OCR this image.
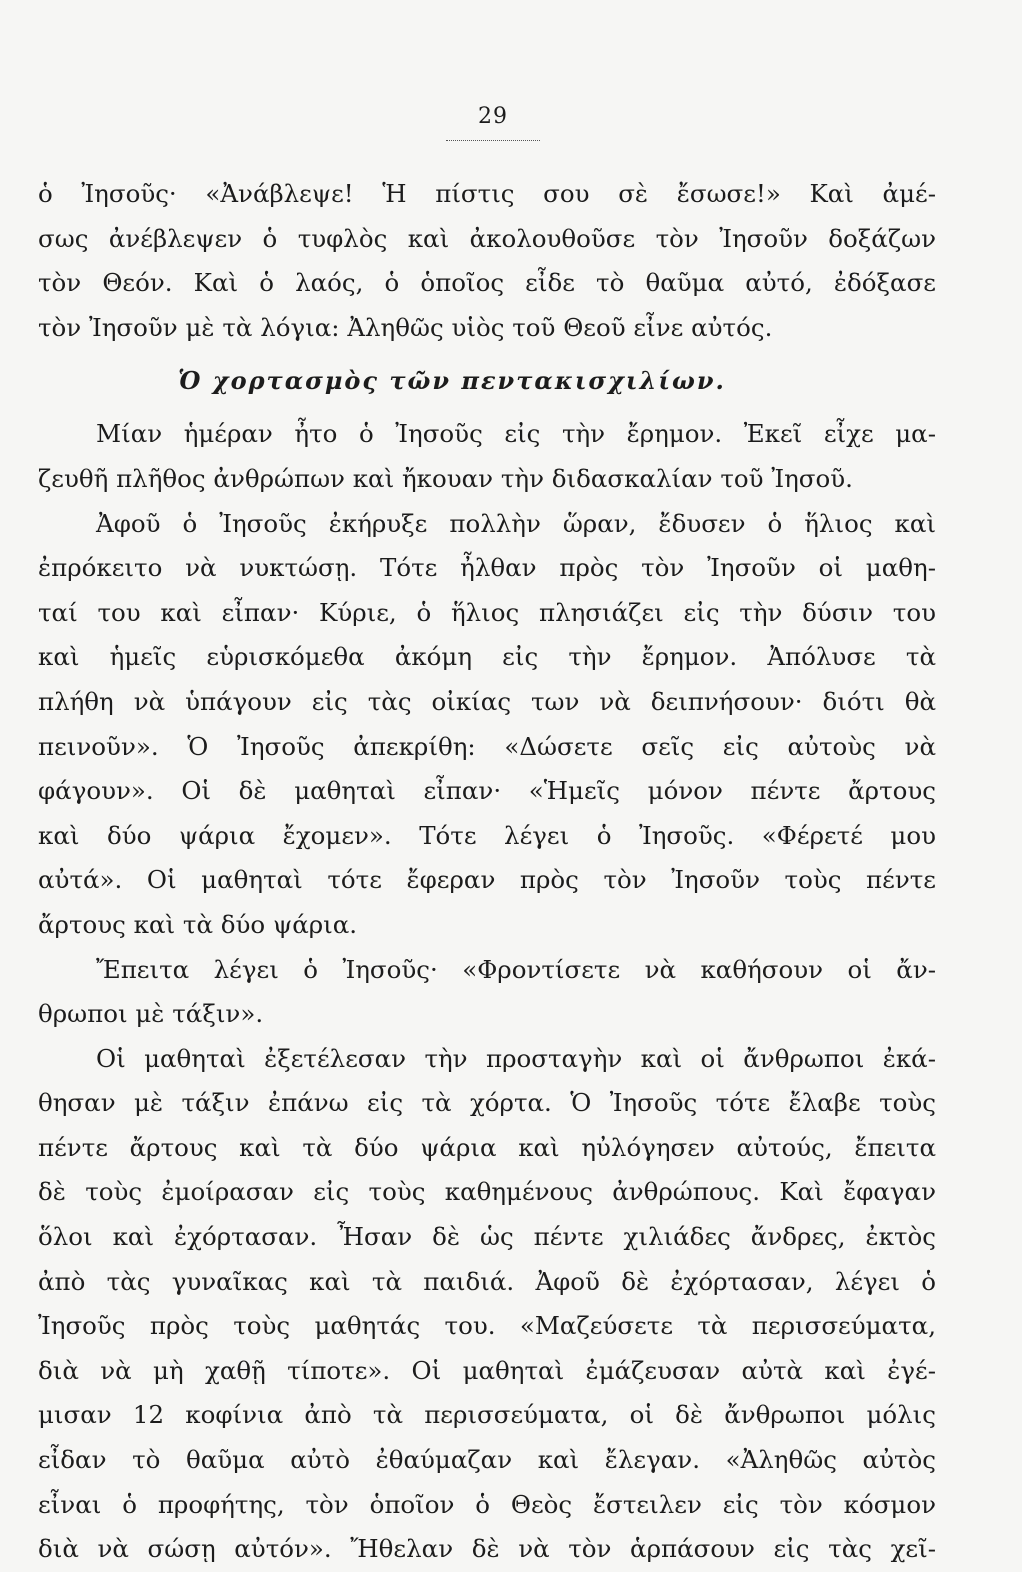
29
ὁ Ἰησοῦς· «Ἀνάβλεψε! Ἡ πίστις σου σὲ ἔσωσε!» Καὶ ἀμέ-
σως ἀνέβλεψεν ὁ τυφλὸς καὶ ἀκολουθοῦσε τὸν Ἰησοῦν δοξάζων
τὸν Θεόν. Καὶ ὁ λαός, ὁ ὁποῖος εἶδε τὸ θαῦμα αὐτό, ἐδόξασε
τὸν Ἰησοῦν μὲ τὰ λόγια: Ἀληθῶς υἱὸς τοῦ Θεοῦ εἶνε αὐτός.
Ὁ χορτασμὸς τῶν πεντακισχιλίων.
Μίαν ἡμέραν ἦτο ὁ Ἰησοῦς εἰς τὴν ἔρημον. Ἐκεῖ εἶχε μα-
ζευθῆ πλῆθος ἀνθρώπων καὶ ἤκουαν τὴν διδασκαλίαν τοῦ Ἰησοῦ.
Ἀφοῦ ὁ Ἰησοῦς ἐκήρυξε πολλὴν ὥραν, ἔδυσεν ὁ ἥλιος καὶ
ἐπρόκειτο νὰ νυκτώσῃ. Τότε ἦλθαν πρὸς τὸν Ἰησοῦν οἱ μαθη-
ταί του καὶ εἶπαν· Κύριε, ὁ ἥλιος πλησιάζει εἰς τὴν δύσιν του
καὶ ἡμεῖς εὑρισκόμεθα ἀκόμη εἰς τὴν ἔρημον. Ἀπόλυσε τὰ
πλήθη νὰ ὑπάγουν εἰς τὰς οἰκίας των νὰ δειπνήσουν· διότι θὰ
πεινοῦν». Ὁ Ἰησοῦς ἀπεκρίθη: «Δώσετε σεῖς εἰς αὐτοὺς νὰ
φάγουν». Οἱ δὲ μαθηταὶ εἶπαν· «Ἡμεῖς μόνον πέντε ἄρτους
καὶ δύο ψάρια ἔχομεν». Τότε λέγει ὁ Ἰησοῦς. «Φέρετέ μου
αὐτά». Οἱ μαθηταὶ τότε ἔφεραν πρὸς τὸν Ἰησοῦν τοὺς πέντε
ἄρτους καὶ τὰ δύο ψάρια.
Ἔπειτα λέγει ὁ Ἰησοῦς· «Φροντίσετε νὰ καθήσουν οἱ ἄν-
θρωποι μὲ τάξιν».
Οἱ μαθηταὶ ἐξετέλεσαν τὴν προσταγὴν καὶ οἱ ἄνθρωποι ἐκά-
θησαν μὲ τάξιν ἐπάνω εἰς τὰ χόρτα. Ὁ Ἰησοῦς τότε ἔλαβε τοὺς
πέντε ἄρτους καὶ τὰ δύο ψάρια καὶ ηὐλόγησεν αὐτούς, ἔπειτα
δὲ τοὺς ἐμοίρασαν εἰς τοὺς καθημένους ἀνθρώπους. Καὶ ἔφαγαν
ὅλοι καὶ ἐχόρτασαν. Ἦσαν δὲ ὡς πέντε χιλιάδες ἄνδρες, ἐκτὸς
ἀπὸ τὰς γυναῖκας καὶ τὰ παιδιά. Ἀφοῦ δὲ ἐχόρτασαν, λέγει ὁ
Ἰησοῦς πρὸς τοὺς μαθητάς του. «Μαζεύσετε τὰ περισσεύματα,
διὰ νὰ μὴ χαθῇ τίποτε». Οἱ μαθηταὶ ἐμάζευσαν αὐτὰ καὶ ἐγέ-
μισαν 12 κοφίνια ἀπὸ τὰ περισσεύματα, οἱ δὲ ἄνθρωποι μόλις
εἶδαν τὸ θαῦμα αὐτὸ ἐθαύμαζαν καὶ ἔλεγαν. «Ἀληθῶς αὐτὸς
εἶναι ὁ προφήτης, τὸν ὁποῖον ὁ Θεὸς ἔστειλεν εἰς τὸν κόσμον
διὰ νὰ σώσῃ αὐτόν». Ἤθελαν δὲ νὰ τὸν ἁρπάσουν εἰς τὰς χεῖ-
